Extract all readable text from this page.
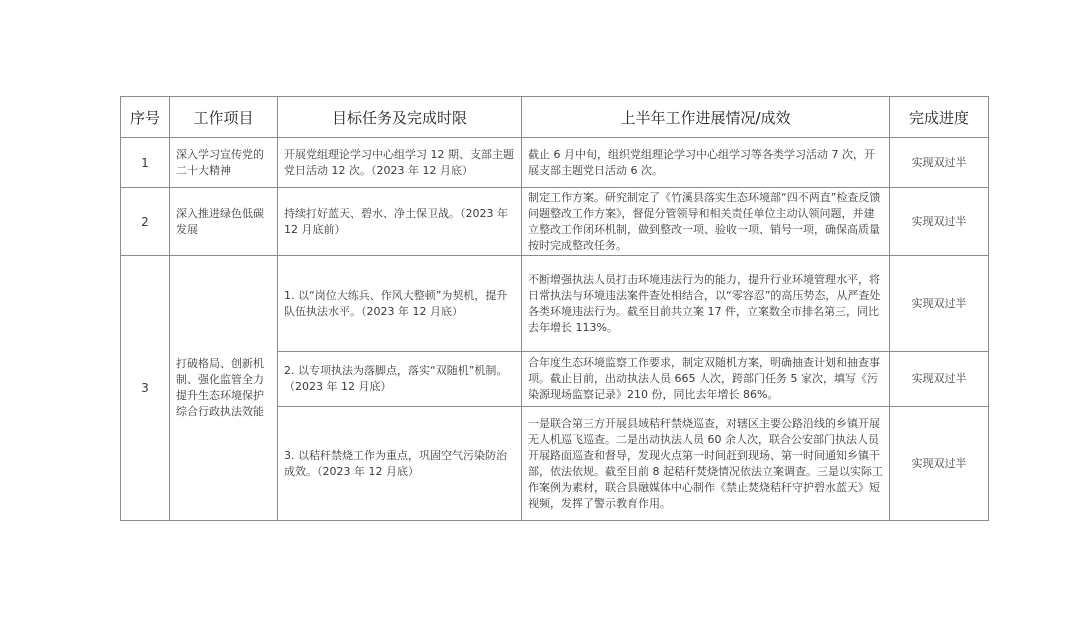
序号	工作项目	目标任务及完成时限	上半年工作进展情况/成效	完成进度
1	深入学习宣传党的二十大精神	开展党组理论学习中心组学习 12 期、支部主题党日活动 12 次。（2023 年 12 月底）	截止 6 月中旬，组织党组理论学习中心组学习等各类学习活动 7 次，开展支部主题党日活动 6 次。	实现双过半
2	深入推进绿色低碳发展	持续打好蓝天、碧水、净土保卫战。（2023 年 12 月底前）	制定工作方案。研究制定了《竹溪县落实生态环境部“四不两直”检查反馈问题整改工作方案》，督促分管领导和相关责任单位主动认领问题，并建立整改工作闭环机制，做到整改一项、验收一项、销号一项，确保高质量按时完成整改任务。	实现双过半
3	打破格局、创新机制、强化监管全力提升生态环境保护综合行政执法效能	1. 以“岗位大练兵、作风大整顿”为契机，提升队伍执法水平。（2023 年 12 月底）	不断增强执法人员打击环境违法行为的能力，提升行业环境管理水平，将日常执法与环境违法案件查处相结合，以“零容忍”的高压势态，从严查处各类环境违法行为。截至目前共立案 17 件，立案数全市排名第三，同比去年增长 113%。	实现双过半
		2. 以专项执法为落脚点，落实“双随机”机制。（2023 年 12 月底）	合年度生态环境监察工作要求，制定双随机方案，明确抽查计划和抽查事项。截止目前，出动执法人员 665 人次，跨部门任务 5 家次，填写《污染源现场监察记录》210 份，同比去年增长 86%。	实现双过半
		3. 以秸秆禁烧工作为重点，巩固空气污染防治成效。（2023 年 12 月底）	一是联合第三方开展县域秸秆禁烧巡查，对辖区主要公路沿线的乡镇开展无人机巡飞巡查。二是出动执法人员 60 余人次，联合公安部门执法人员开展路面巡查和督导，发现火点第一时间赶到现场、第一时间通知乡镇干部，依法依规。截至目前 8 起秸秆焚烧情况依法立案调查。三是以实际工作案例为素材，联合县融媒体中心制作《禁止焚烧秸秆守护碧水蓝天》短视频，发挥了警示教育作用。	实现双过半
